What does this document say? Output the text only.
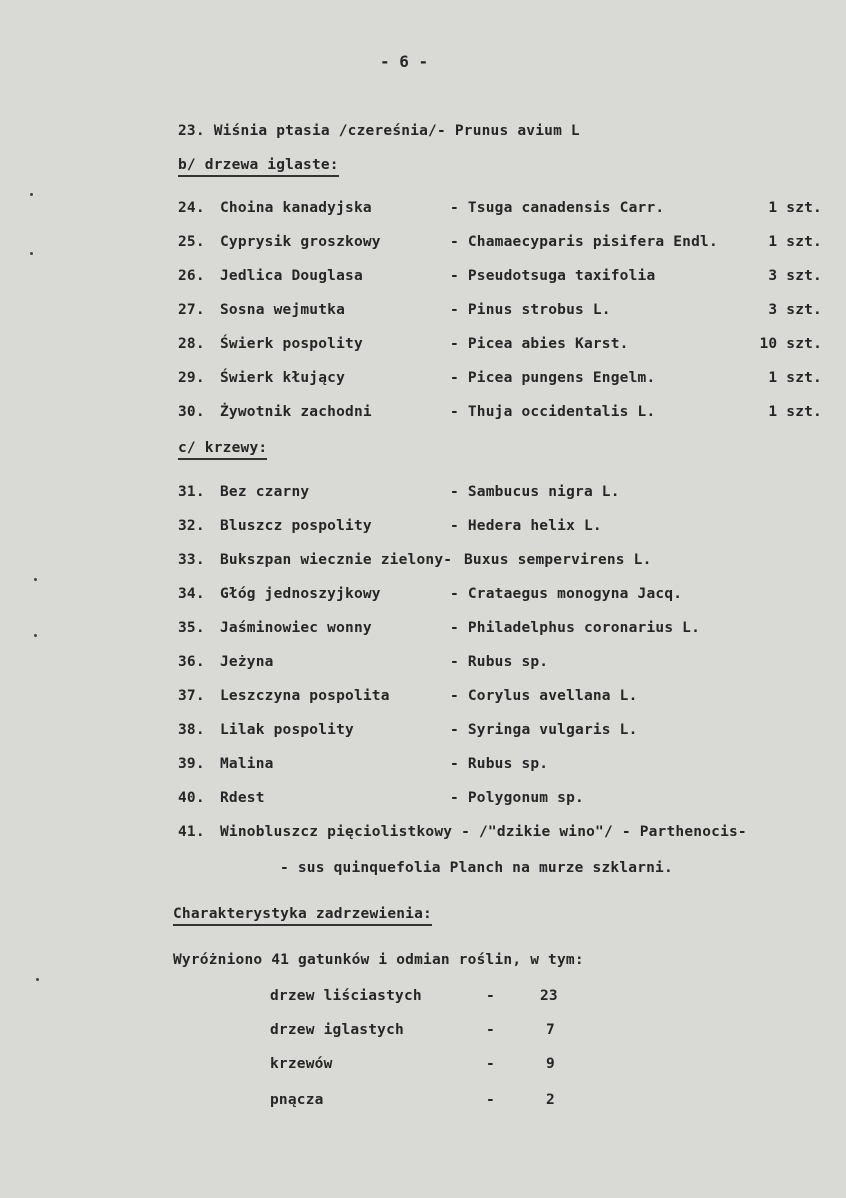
- 6 -
23. Wiśnia ptasia /czereśnia/- Prunus avium L
b/ drzewa iglaste:
24. Choina kanadyjska	- Tsuga canadensis Carr.	1 szt.
25. Cyprysik groszkowy	- Chamaecyparis pisifera Endl.	1 szt.
26. Jedlica Douglasa	- Pseudotsuga taxifolia	3 szt.
27. Sosna wejmutka	- Pinus strobus L.	3 szt.
28. Świerk pospolity	- Picea abies Karst.	10 szt.
29. Świerk kłujący	- Picea pungens Engelm.	1 szt.
30. Żywotnik zachodni	- Thuja occidentalis L.	1 szt.
c/ krzewy:
31. Bez czarny	- Sambucus nigra L.
32. Bluszcz pospolity	- Hedera helix L.
33. Bukszpan wiecznie zielony- Buxus sempervirens L.
34. Głóg jednoszyjkowy	- Crataegus monogyna Jacq.
35. Jaśminowiec wonny	- Philadelphus coronarius L.
36. Jeżyna	- Rubus sp.
37. Leszczyna pospolita	- Corylus avellana L.
38. Lilak pospolity	- Syringa vulgaris L.
39. Malina	- Rubus sp.
40. Rdest	- Polygonum sp.
41. Winobluszcz pięciolistkowy - /"dzikie wino"/ - Parthenocis-
- sus quinquefolia Planch na murze szklarni.
Charakterystyka zadrzewienia:
Wyróżniono 41 gatunków i odmian roślin, w tym:
drzew liściastych	-	23
drzew iglastych	-	7
krzewów	-	9
pnącza	-	2
